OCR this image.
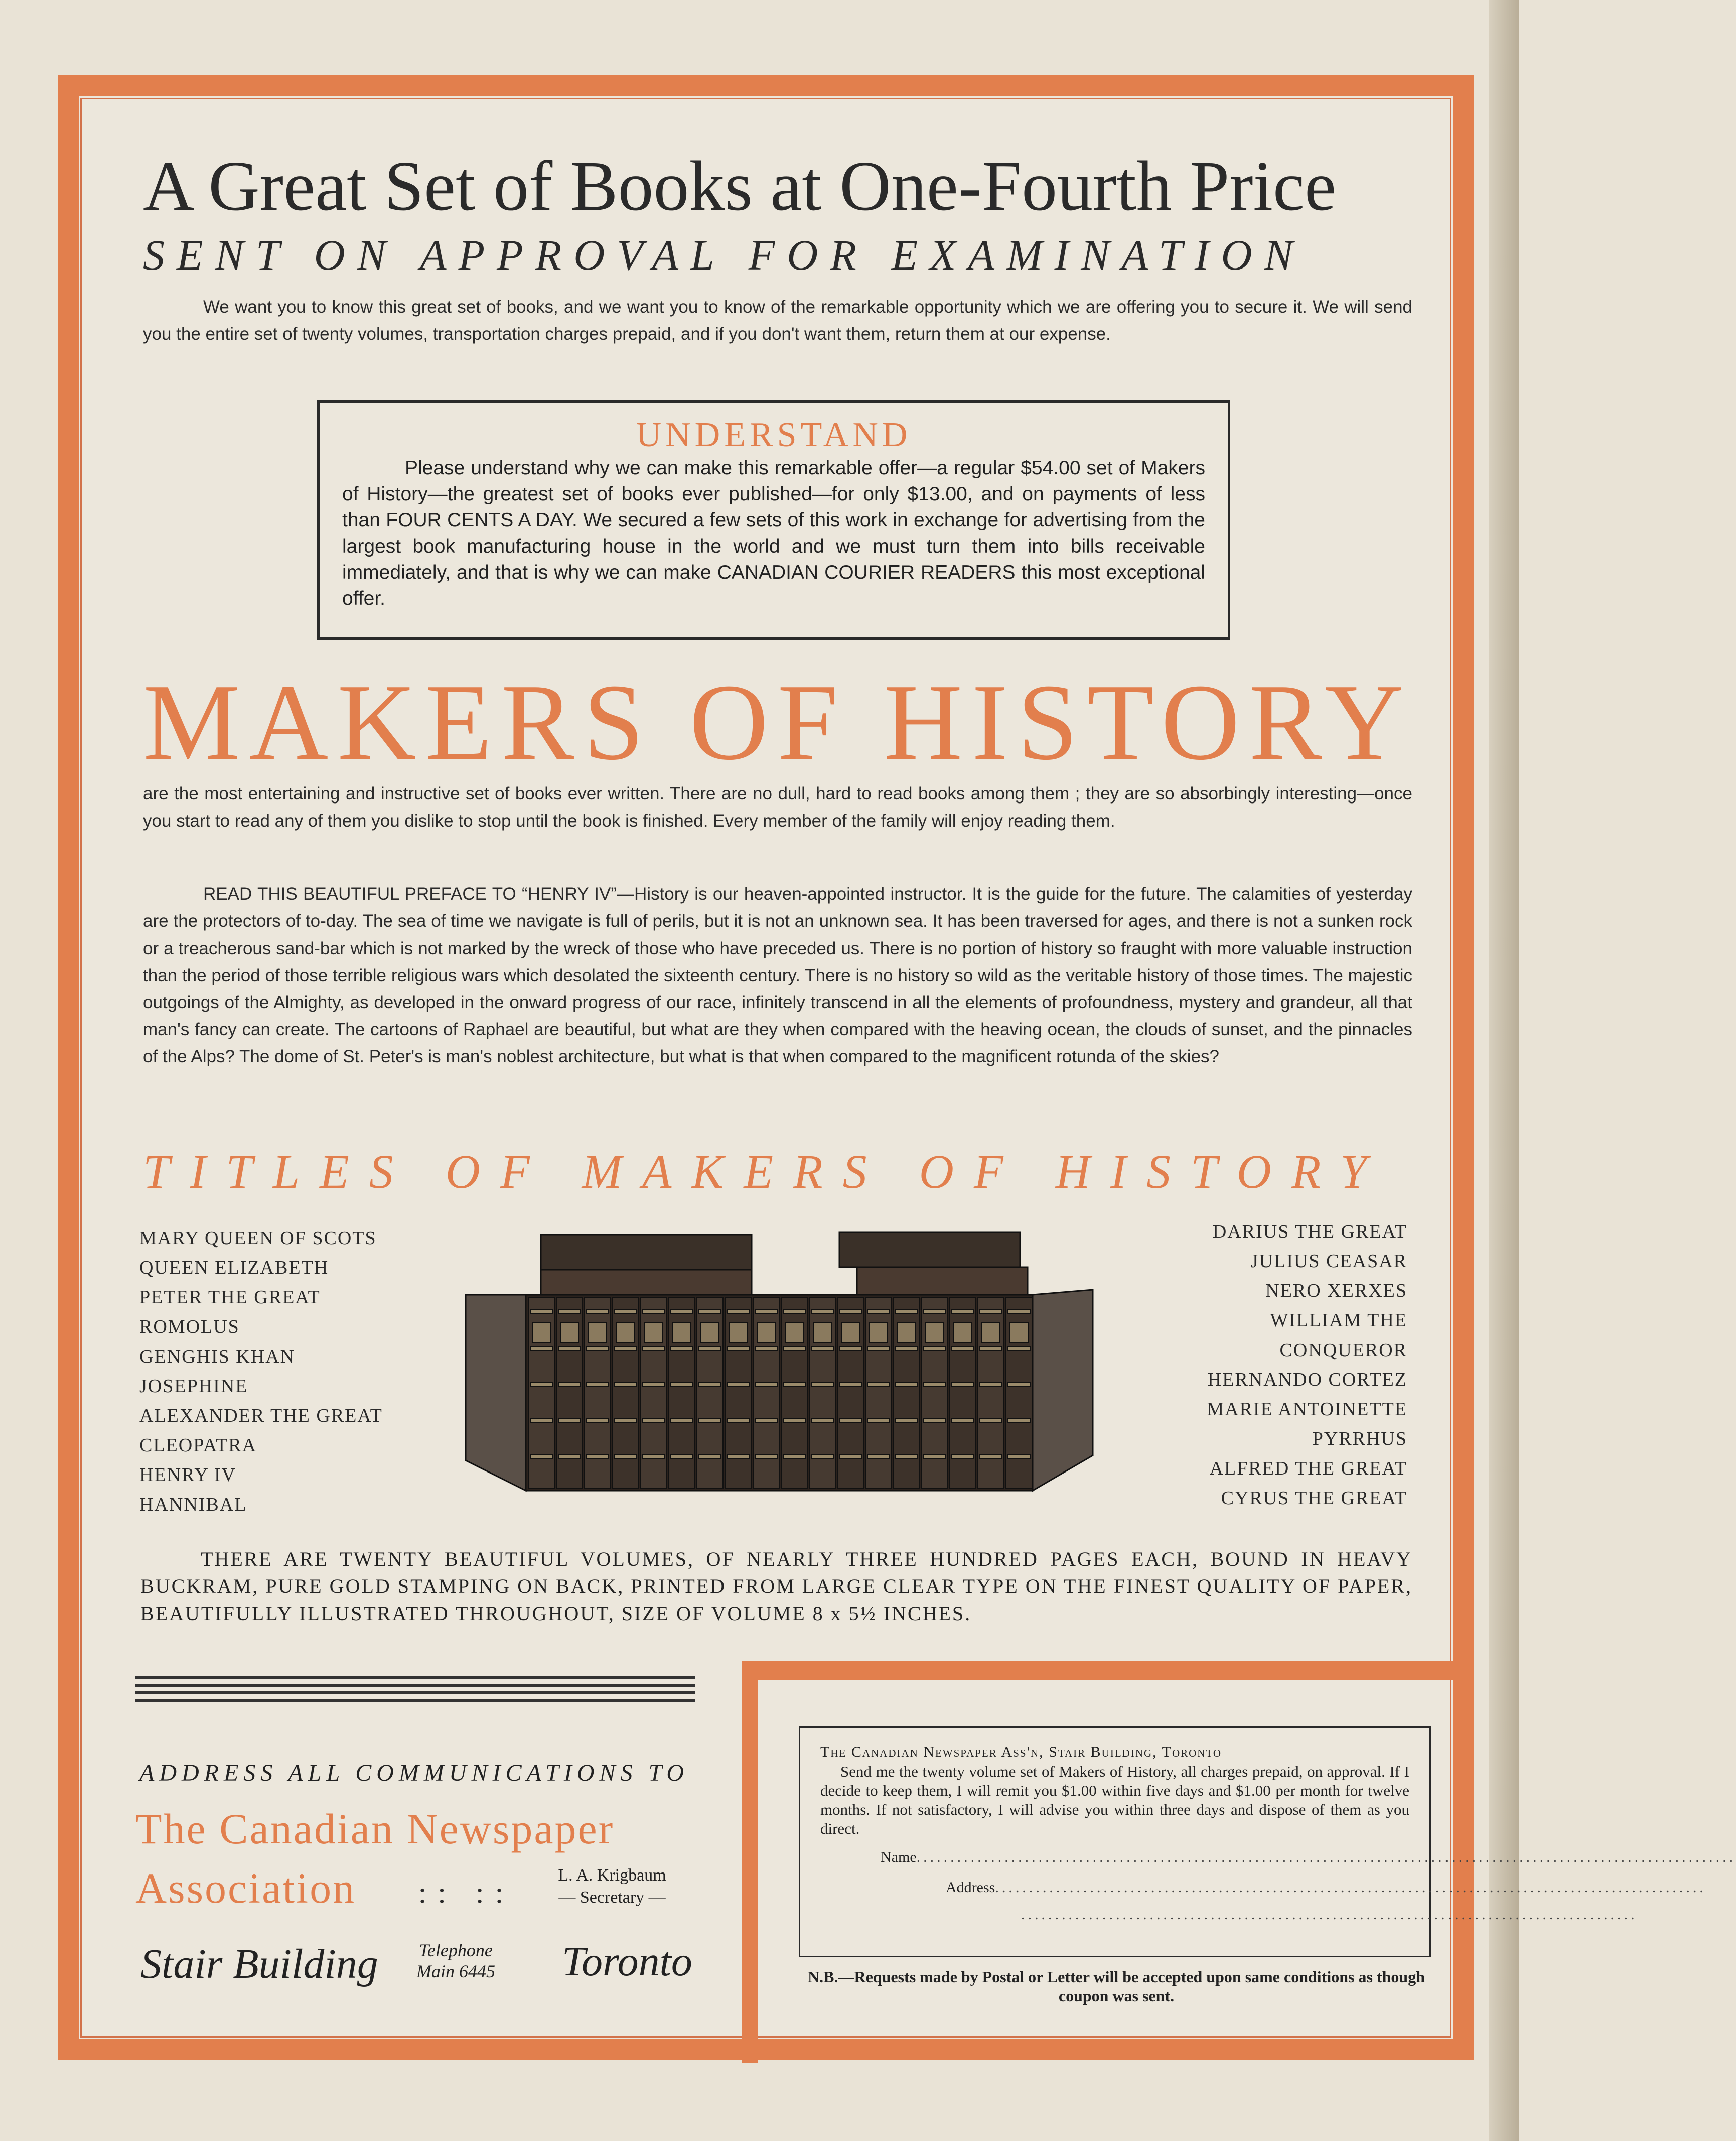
A Great Set of Books at One-Fourth Price
SENT ON APPROVAL FOR EXAMINATION
We want you to know this great set of books, and we want you to know of the remarkable opportunity which we are offering you to secure it. We will send you the entire set of twenty volumes, transportation charges prepaid, and if you don't want them, return them at our expense.
UNDERSTAND
Please understand why we can make this remarkable offer—a regular $54.00 set of Makers of History—the greatest set of books ever published—for only $13.00, and on payments of less than FOUR CENTS A DAY. We secured a few sets of this work in exchange for advertising from the largest book manufacturing house in the world and we must turn them into bills receivable immediately, and that is why we can make CANADIAN COURIER READERS this most exceptional offer.
MAKERS OF HISTORY
are the most entertaining and instructive set of books ever written. There are no dull, hard to read books among them ; they are so absorbingly interesting—once you start to read any of them you dislike to stop until the book is finished. Every member of the family will enjoy reading them.
READ THIS BEAUTIFUL PREFACE TO “HENRY IV”—History is our heaven-appointed instructor. It is the guide for the future. The calamities of yesterday are the protectors of to-day. The sea of time we navigate is full of perils, but it is not an unknown sea. It has been traversed for ages, and there is not a sunken rock or a treacherous sand-bar which is not marked by the wreck of those who have preceded us. There is no portion of history so fraught with more valuable instruction than the period of those terrible religious wars which desolated the sixteenth century. There is no history so wild as the veritable history of those times. The majestic outgoings of the Almighty, as developed in the onward progress of our race, infinitely transcend in all the elements of profoundness, mystery and grandeur, all that man's fancy can create. The cartoons of Raphael are beautiful, but what are they when compared with the heaving ocean, the clouds of sunset, and the pinnacles of the Alps? The dome of St. Peter's is man's noblest architecture, but what is that when compared to the magnificent rotunda of the skies?
TITLES OF MAKERS OF HISTORY
MARY QUEEN OF SCOTS
QUEEN ELIZABETH
PETER THE GREAT
ROMOLUS
GENGHIS KHAN
JOSEPHINE
ALEXANDER THE GREAT
CLEOPATRA
HENRY IV
HANNIBAL
DARIUS THE GREAT
JULIUS CEASAR
NERO XERXES
WILLIAM THE
CONQUEROR
HERNANDO CORTEZ
MARIE ANTOINETTE
PYRRHUS
ALFRED THE GREAT
CYRUS THE GREAT
THERE ARE TWENTY BEAUTIFUL VOLUMES, OF NEARLY THREE HUNDRED PAGES EACH, BOUND IN HEAVY BUCKRAM, PURE GOLD STAMPING ON BACK, PRINTED FROM LARGE CLEAR TYPE ON THE FINEST QUALITY OF PAPER, BEAUTIFULLY ILLUSTRATED THROUGHOUT, SIZE OF VOLUME 8 x 5½ INCHES.
ADDRESS ALL COMMUNICATIONS TO
The Canadian Newspaper
Association :: ::
L. A. Krigbaum
— Secretary —
Stair Building Telephone
Main 6445 Toronto
The Canadian Newspaper Ass'n, Stair Building, Toronto
Send me the twenty volume set of Makers of History, all charges prepaid, on approval. If I decide to keep them, I will remit you $1.00 within five days and $1.00 per month for twelve months. If not satisfactory, I will advise you within three days and dispose of them as you direct.
Name.........................................................................................................................
Address.........................................................................................................
...........................................................................................
N.B.—Requests made by Postal or Letter will be accepted upon same conditions as though coupon was sent.
